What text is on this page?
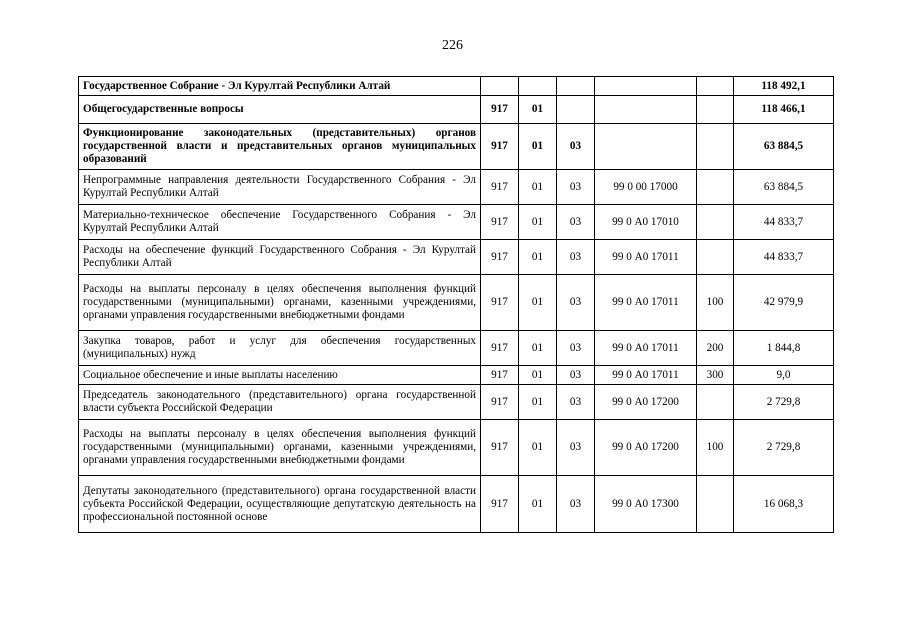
226
Государственное Собрание - Эл Курултай Республики Алтай						118 492,1
Общегосударственные вопросы	917	01				118 466,1
Функционирование законодательных (представительных) органов государственной власти и представительных органов муниципальных образований	917	01	03			63 884,5
Непрограммные направления деятельности Государственного Собрания - Эл Курултай Республики Алтай	917	01	03	99 0 00 17000		63 884,5
Материально-техническое обеспечение Государственного Собрания - Эл Курултай Республики Алтай	917	01	03	99 0 А0 17010		44 833,7
Расходы на обеспечение функций Государственного Собрания - Эл Курултай Республики Алтай	917	01	03	99 0 А0 17011		44 833,7
Расходы на выплаты персоналу в целях обеспечения выполнения функций государственными (муниципальными) органами, казенными учреждениями, органами управления государственными внебюджетными фондами	917	01	03	99 0 А0 17011	100	42 979,9
Закупка товаров, работ и услуг для обеспечения государственных (муниципальных) нужд	917	01	03	99 0 А0 17011	200	1 844,8
Социальное обеспечение и иные выплаты населению	917	01	03	99 0 А0 17011	300	9,0
Председатель законодательного (представительного) органа государственной власти субъекта Российской Федерации	917	01	03	99 0 А0 17200		2 729,8
Расходы на выплаты персоналу в целях обеспечения выполнения функций государственными (муниципальными) органами, казенными учреждениями, органами управления государственными внебюджетными фондами	917	01	03	99 0 А0 17200	100	2 729,8
Депутаты законодательного (представительного) органа государственной власти субъекта Российской Федерации, осуществляющие депутатскую деятельность на профессиональной постоянной основе	917	01	03	99 0 А0 17300		16 068,3
